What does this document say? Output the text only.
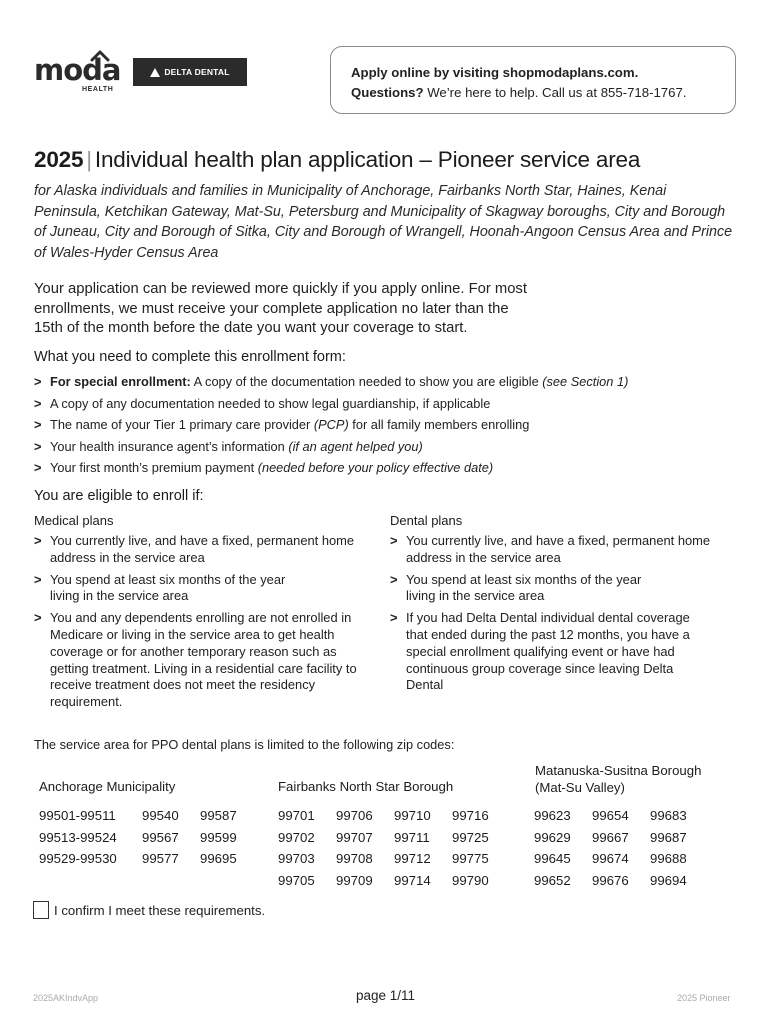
moda
HEALTH
DELTA DENTAL	Apply online by visiting shopmodaplans.com.
Questions? We’re here to help. Call us at 855-718-1767.
2025 | Individual health plan application – Pioneer service area
for Alaska individuals and families in Municipality of Anchorage, Fairbanks North Star, Haines, Kenai Peninsula, Ketchikan Gateway, Mat-Su, Petersburg and Municipality of Skagway boroughs, City and Borough of Juneau, City and Borough of Sitka, City and Borough of Wrangell, Hoonah-Angoon Census Area and Prince of Wales-Hyder Census Area
Your application can be reviewed more quickly if you apply online. For most
enrollments, we must receive your complete application no later than the
15th of the month before the date you want your coverage to start.
What you need to complete this enrollment form:
> For special enrollment: A copy of the documentation needed to show you are eligible (see Section 1)
> A copy of any documentation needed to show legal guardianship, if applicable
> The name of your Tier 1 primary care provider (PCP) for all family members enrolling
> Your health insurance agent’s information (if an agent helped you)
> Your first month’s premium payment (needed before your policy effective date)
You are eligible to enroll if:
Medical plans
> You currently live, and have a fixed, permanent home address in the service area
> You spend at least six months of the year living in the service area
> You and any dependents enrolling are not enrolled in Medicare or living in the service area to get health coverage or for another temporary reason such as getting treatment. Living in a residential care facility to receive treatment does not meet the residency requirement.
Dental plans
> You currently live, and have a fixed, permanent home address in the service area
> You spend at least six months of the year living in the service area
> If you had Delta Dental individual dental coverage that ended during the past 12 months, you have a special enrollment qualifying event or have had continuous group coverage since leaving Delta Dental
The service area for PPO dental plans is limited to the following zip codes:
Anchorage Municipality	Fairbanks North Star Borough
Matanuska-Susitna Borough
(Mat-Su Valley)
99501-99511	99540	99587
99513-99524	99567	99599
99529-99530	99577	99695
99701	99706	99710	99716
99702	99707	99711	99725
99703	99708	99712	99775
99705	99709	99714	99790
99623	99654	99683
99629	99667	99687
99645	99674	99688
99652	99676	99694
I confirm I meet these requirements.
2025AKIndvApp	page 1/11	2025 Pioneer
